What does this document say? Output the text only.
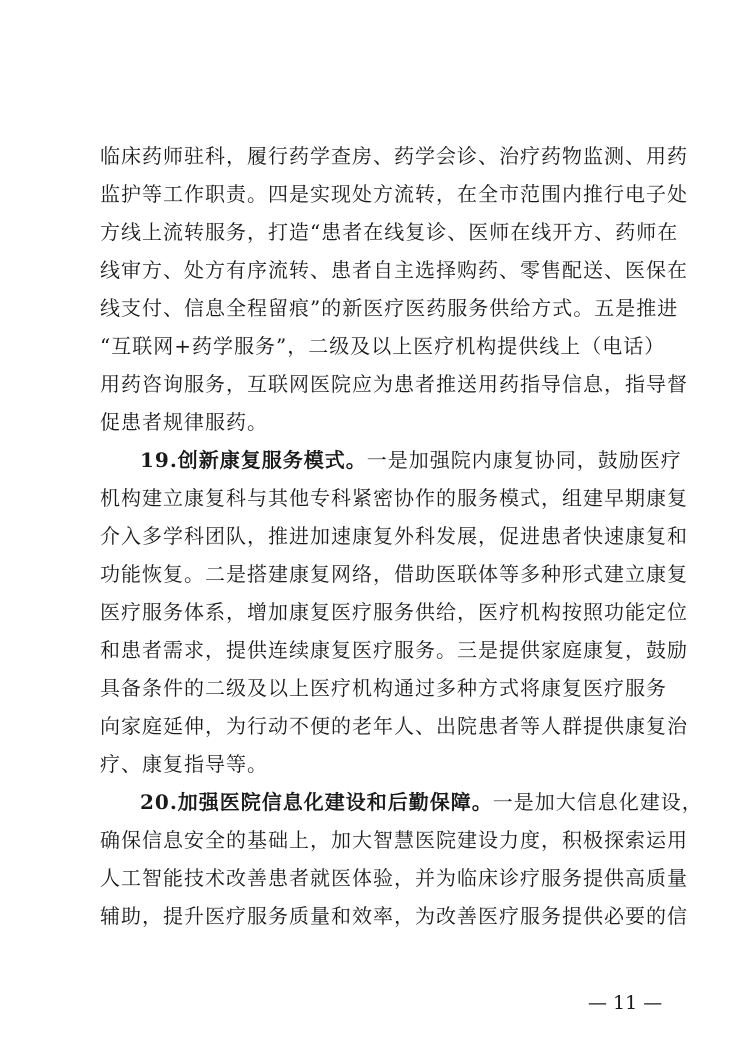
临床药师驻科，履行药学查房、药学会诊、治疗药物监测、用药
监护等工作职责。四是实现处方流转，在全市范围内推行电子处
方线上流转服务，打造“患者在线复诊、医师在线开方、药师在
线审方、处方有序流转、患者自主选择购药、零售配送、医保在
线支付、信息全程留痕”的新医疗医药服务供给方式。五是推进
“互联网+药学服务”，二级及以上医疗机构提供线上（电话）
用药咨询服务，互联网医院应为患者推送用药指导信息，指导督
促患者规律服药。
19.创新康复服务模式。一是加强院内康复协同，鼓励医疗
机构建立康复科与其他专科紧密协作的服务模式，组建早期康复
介入多学科团队，推进加速康复外科发展，促进患者快速康复和
功能恢复。二是搭建康复网络，借助医联体等多种形式建立康复
医疗服务体系，增加康复医疗服务供给，医疗机构按照功能定位
和患者需求，提供连续康复医疗服务。三是提供家庭康复，鼓励
具备条件的二级及以上医疗机构通过多种方式将康复医疗服务
向家庭延伸，为行动不便的老年人、出院患者等人群提供康复治
疗、康复指导等。
20.加强医院信息化建设和后勤保障。一是加大信息化建设，
确保信息安全的基础上，加大智慧医院建设力度，积极探索运用
人工智能技术改善患者就医体验，并为临床诊疗服务提供高质量
辅助，提升医疗服务质量和效率，为改善医疗服务提供必要的信
— 11 —
